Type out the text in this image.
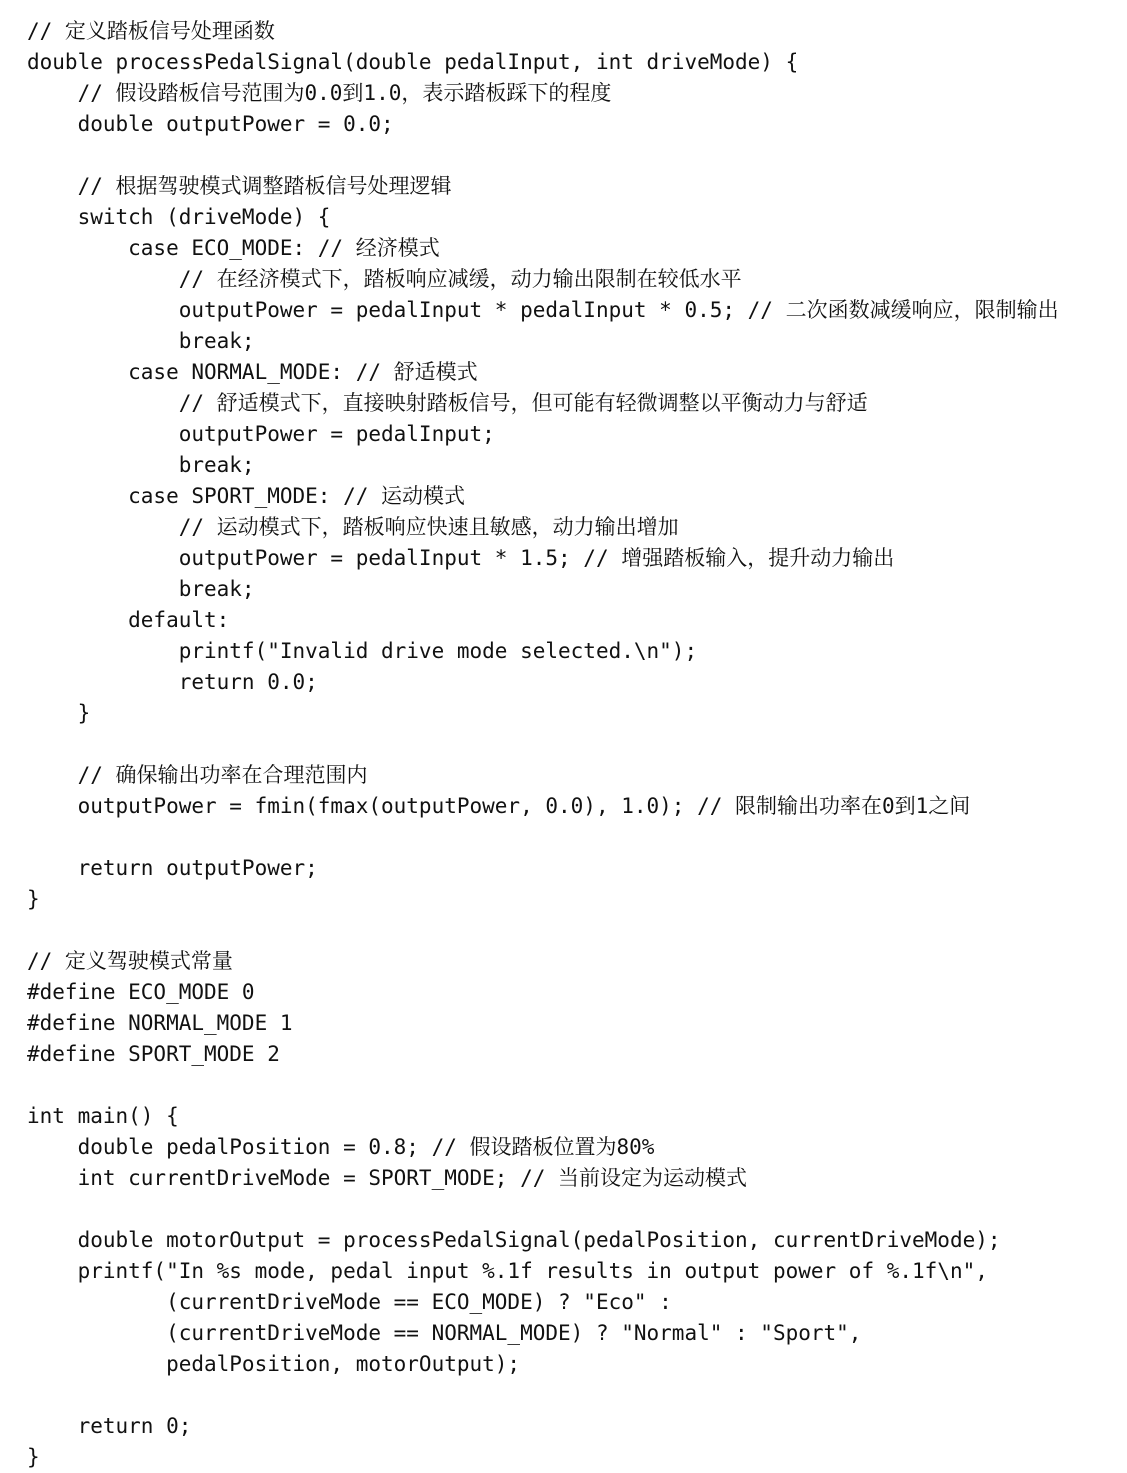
// 定义踏板信号处理函数
double processPedalSignal(double pedalInput, int driveMode) {
// 假设踏板信号范围为0.0到1.0，表示踏板踩下的程度
double outputPower = 0.0;
// 根据驾驶模式调整踏板信号处理逻辑
switch (driveMode) {
case ECO_MODE: // 经济模式
// 在经济模式下，踏板响应减缓，动力输出限制在较低水平
outputPower = pedalInput * pedalInput * 0.5; // 二次函数减缓响应，限制输出
break;
case NORMAL_MODE: // 舒适模式
// 舒适模式下，直接映射踏板信号，但可能有轻微调整以平衡动力与舒适
outputPower = pedalInput;
break;
case SPORT_MODE: // 运动模式
// 运动模式下，踏板响应快速且敏感，动力输出增加
outputPower = pedalInput * 1.5; // 增强踏板输入，提升动力输出
break;
default:
printf("Invalid drive mode selected.\n");
return 0.0;
}
// 确保输出功率在合理范围内
outputPower = fmin(fmax(outputPower, 0.0), 1.0); // 限制输出功率在0到1之间
return outputPower;
}
// 定义驾驶模式常量
#define ECO_MODE 0
#define NORMAL_MODE 1
#define SPORT_MODE 2
int main() {
double pedalPosition = 0.8; // 假设踏板位置为80%
int currentDriveMode = SPORT_MODE; // 当前设定为运动模式
double motorOutput = processPedalSignal(pedalPosition, currentDriveMode);
printf("In %s mode, pedal input %.1f results in output power of %.1f\n",
(currentDriveMode == ECO_MODE) ? "Eco" :
(currentDriveMode == NORMAL_MODE) ? "Normal" : "Sport",
pedalPosition, motorOutput);
return 0;
}
